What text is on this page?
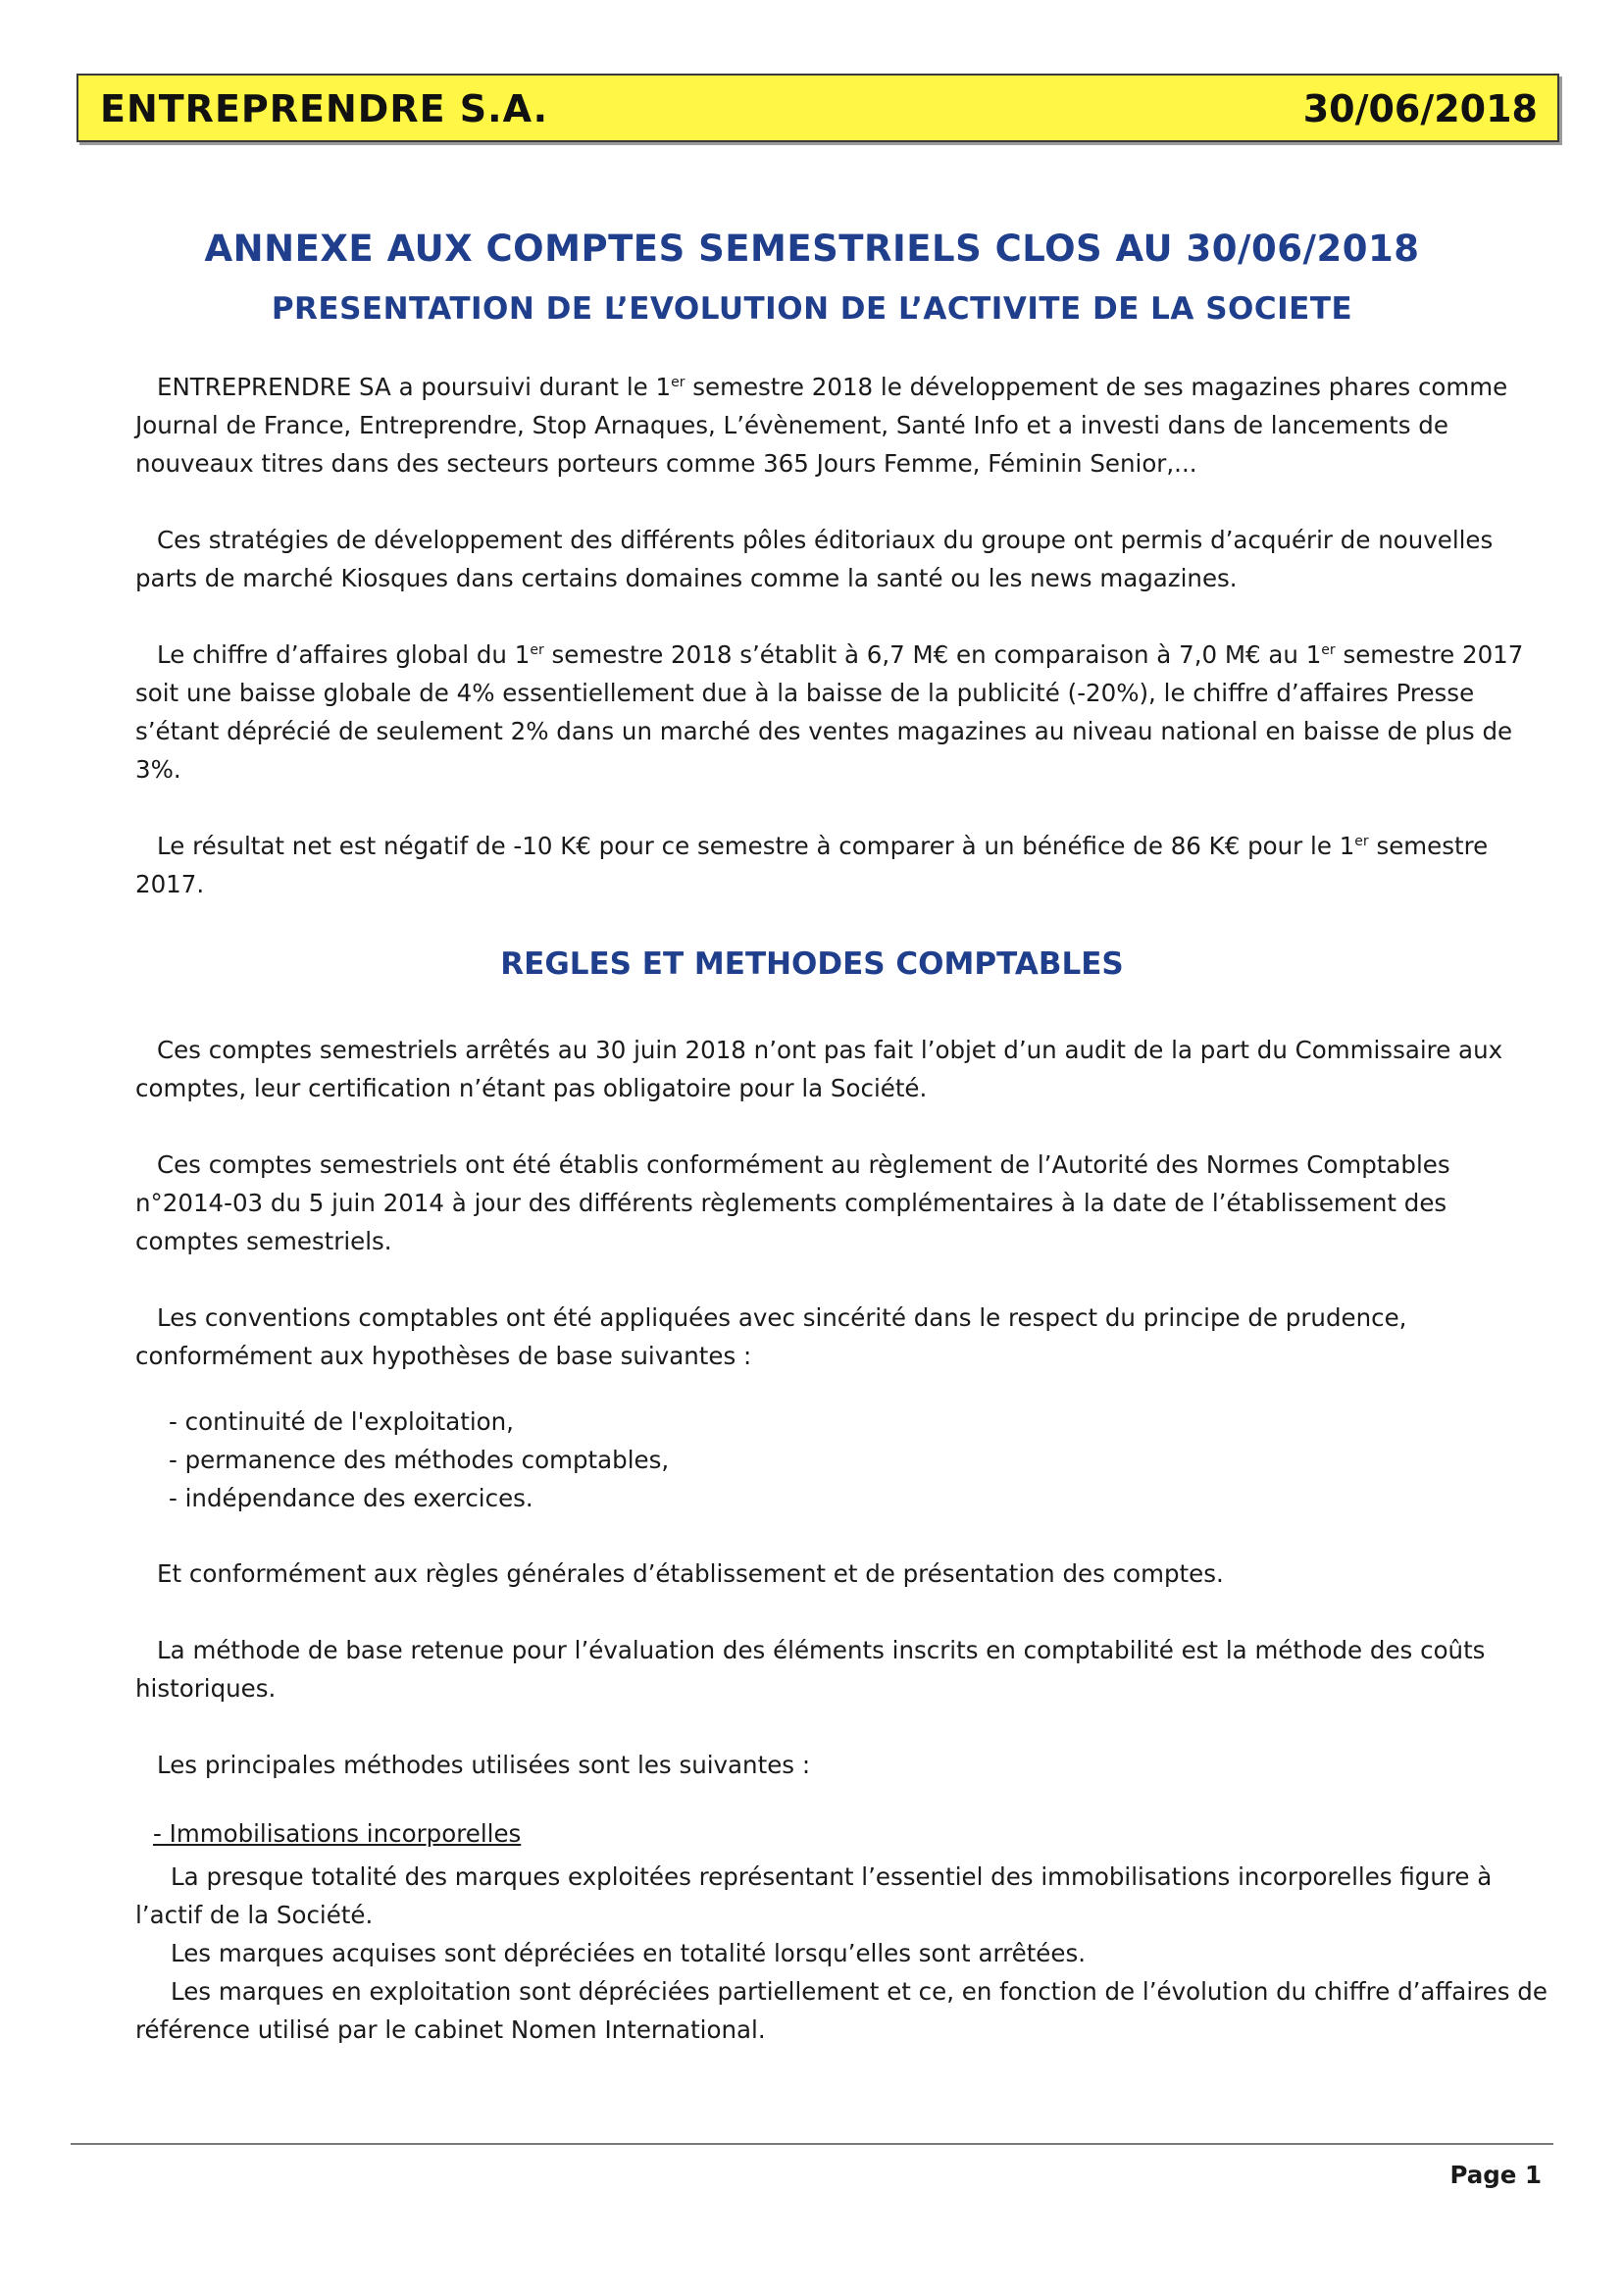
ENTREPRENDRE S.A.	30/06/2018
ANNEXE AUX COMPTES SEMESTRIELS CLOS AU 30/06/2018
PRESENTATION DE L’EVOLUTION DE L’ACTIVITE DE LA SOCIETE
ENTREPRENDRE SA a poursuivi durant le 1er semestre 2018 le développement de ses magazines phares comme Journal de France, Entreprendre, Stop Arnaques, L’évènement, Santé Info et a investi dans de lancements de nouveaux titres dans des secteurs porteurs comme 365 Jours Femme, Féminin Senior,...
Ces stratégies de développement des différents pôles éditoriaux du groupe ont permis d’acquérir de nouvelles parts de marché Kiosques dans certains domaines comme la santé ou les news magazines.
Le chiffre d’affaires global du 1er semestre 2018 s’établit à 6,7 M€ en comparaison à 7,0 M€ au 1er semestre 2017 soit une baisse globale de 4% essentiellement due à la baisse de la publicité (-20%), le chiffre d’affaires Presse s’étant déprécié de seulement 2% dans un marché des ventes magazines au niveau national en baisse de plus de 3%.
Le résultat net est négatif de -10 K€ pour ce semestre à comparer à un bénéfice de 86 K€ pour le 1er semestre 2017.
REGLES ET METHODES COMPTABLES
Ces comptes semestriels arrêtés au 30 juin 2018 n’ont pas fait l’objet d’un audit de la part du Commissaire aux comptes, leur certification n’étant pas obligatoire pour la Société.
Ces comptes semestriels ont été établis conformément au règlement de l’Autorité des Normes Comptables n°2014-03 du 5 juin 2014 à jour des différents règlements complémentaires à la date de l’établissement des comptes semestriels.
Les conventions comptables ont été appliquées avec sincérité dans le respect du principe de prudence, conformément aux hypothèses de base suivantes :
- continuité de l'exploitation,
- permanence des méthodes comptables,
- indépendance des exercices.
Et conformément aux règles générales d’établissement et de présentation des comptes.
La méthode de base retenue pour l’évaluation des éléments inscrits en comptabilité est la méthode des coûts historiques.
Les principales méthodes utilisées sont les suivantes :
- Immobilisations incorporelles
La presque totalité des marques exploitées représentant l’essentiel des immobilisations incorporelles figure à l’actif de la Société.
Les marques acquises sont dépréciées en totalité lorsqu’elles sont arrêtées.
Les marques en exploitation sont dépréciées partiellement et ce, en fonction de l’évolution du chiffre d’affaires de référence utilisé par le cabinet Nomen International.
Page 1
